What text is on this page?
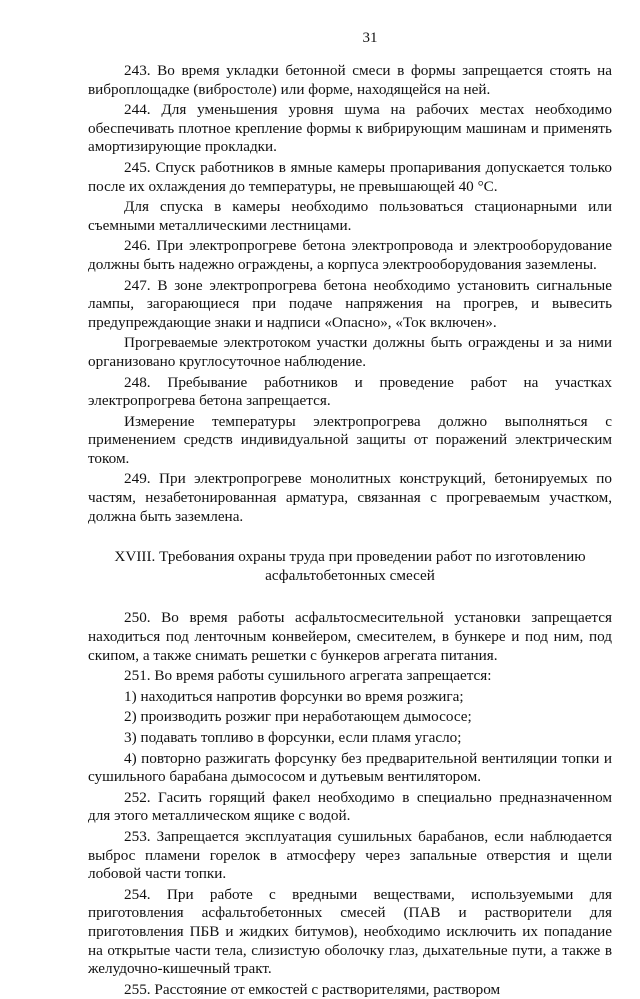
31

243. Во время укладки бетонной смеси в формы запрещается стоять на виброплощадке (вибростоле) или форме, находящейся на ней.

244. Для уменьшения уровня шума на рабочих местах необходимо обеспечивать плотное крепление формы к вибрирующим машинам и применять амортизирующие прокладки.

245. Спуск работников в ямные камеры пропаривания допускается только после их охлаждения до температуры, не превышающей 40 °С.

Для спуска в камеры необходимо пользоваться стационарными или съемными металлическими лестницами.

246. При электропрогреве бетона электропровода и электрооборудование должны быть надежно ограждены, а корпуса электрооборудования заземлены.

247. В зоне электропрогрева бетона необходимо установить сигнальные лампы, загорающиеся при подаче напряжения на прогрев, и вывесить предупреждающие знаки и надписи «Опасно», «Ток включен».

Прогреваемые электротоком участки должны быть ограждены и за ними организовано круглосуточное наблюдение.

248. Пребывание работников и проведение работ на участках электропрогрева бетона запрещается.

Измерение температуры электропрогрева должно выполняться с применением средств индивидуальной защиты от поражений электрическим током.

249. При электропрогреве монолитных конструкций, бетонируемых по частям, незабетонированная арматура, связанная с прогреваемым участком, должна быть заземлена.

XVIII. Требования охраны труда при проведении работ по изготовлению
асфальтобетонных смесей

250. Во время работы асфальтосмесительной установки запрещается находиться под ленточным конвейером, смесителем, в бункере и под ним, под скипом, а также снимать решетки с бункеров агрегата питания.

251. Во время работы сушильного агрегата запрещается:

1) находиться напротив форсунки во время розжига;

2) производить розжиг при неработающем дымососе;

3) подавать топливо в форсунки, если пламя угасло;

4) повторно разжигать форсунку без предварительной вентиляции топки и сушильного барабана дымососом и дутьевым вентилятором.

252. Гасить горящий факел необходимо в специально предназначенном для этого металлическом ящике с водой.

253. Запрещается эксплуатация сушильных барабанов, если наблюдается выброс пламени горелок в атмосферу через запальные отверстия и щели лобовой части топки.

254. При работе с вредными веществами, используемыми для приготовления асфальтобетонных смесей (ПАВ и растворители для приготовления ПБВ и жидких битумов), необходимо исключить их попадание на открытые части тела, слизистую оболочку глаз, дыхательные пути, а также в желудочно-кишечный тракт.

255. Расстояние от емкостей с растворителями, раствором
